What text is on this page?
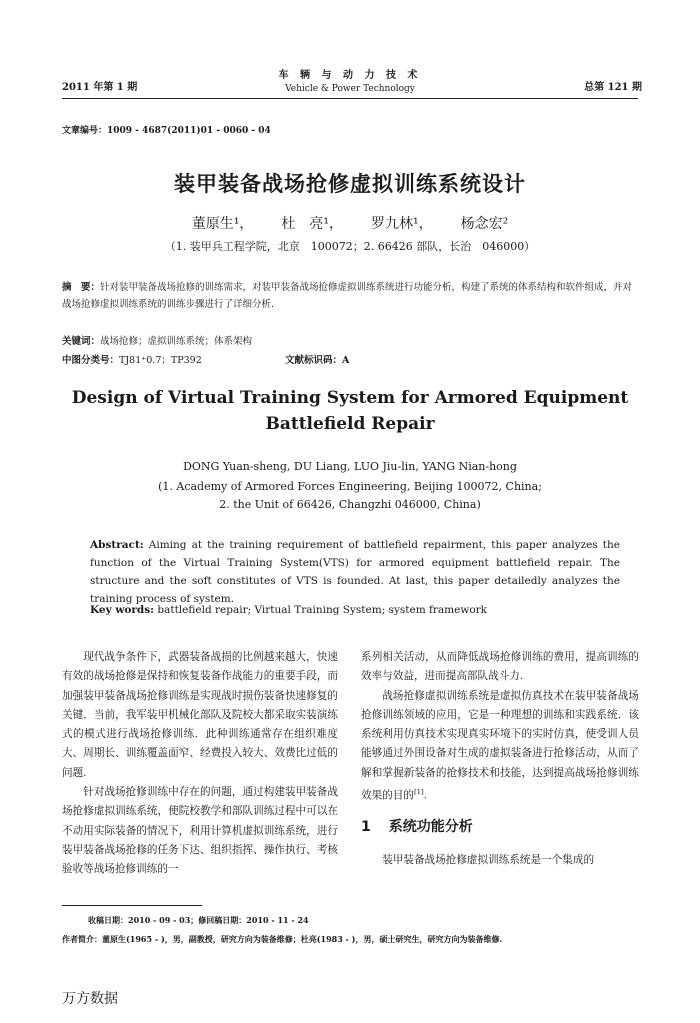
2011 年第 1 期
车 辆 与 动 力 技 术
Vehicle & Power Technology	总第 121 期
文章编号：1009 - 4687(2011)01 - 0060 - 04
装甲装备战场抢修虚拟训练系统设计
董原生¹， 杜　亮¹， 罗九林¹， 杨念宏²
（1. 装甲兵工程学院，北京　100072；2. 66426 部队，长治　046000）
摘　要：针对装甲装备战场抢修的训练需求，对装甲装备战场抢修虚拟训练系统进行功能分析，构建了系统的体系结构和软件组成，并对战场抢修虚拟训练系统的训练步骤进行了详细分析.
关键词：战场抢修；虚拟训练系统；体系架构
中图分类号：TJ81⁺0.7；TP392	文献标识码：A
Design of Virtual Training System for Armored Equipment
Battlefield Repair
DONG Yuan-sheng, DU Liang, LUO Jiu-lin, YANG Nian-hong
(1. Academy of Armored Forces Engineering, Beijing 100072, China;
2. the Unit of 66426, Changzhi 046000, China)
Abstract: Aiming at the training requirement of battlefield repairment, this paper analyzes the function of the Virtual Training System(VTS) for armored equipment battlefield repair. The structure and the soft constitutes of VTS is founded. At last, this paper detailedly analyzes the training process of system.
Key words: battlefield repair; Virtual Training System; system framework

现代战争条件下，武器装备战损的比例越来越大，快速有效的战场抢修是保持和恢复装备作战能力的重要手段，而加强装甲装备战场抢修训练是实现战时损伤装备快速修复的关键．当前，我军装甲机械化部队及院校大都采取实装演练式的模式进行战场抢修训练．此种训练通常存在组织难度大、周期长、训练覆盖面窄、经费投入较大、效费比过低的问题.

针对战场抢修训练中存在的问题，通过构建装甲装备战场抢修虚拟训练系统，使院校教学和部队训练过程中可以在不动用实际装备的情况下，利用计算机虚拟训练系统，进行装甲装备战场抢修的任务下达、组织指挥、操作执行、考核验收等战场抢修训练的一

系列相关活动，从而降低战场抢修训练的费用，提高训练的效率与效益，进而提高部队战斗力.

战场抢修虚拟训练系统是虚拟仿真技术在装甲装备战场抢修训练领域的应用，它是一种理想的训练和实践系统．该系统利用仿真技术实现真实环境下的实时仿真，使受训人员能够通过外围设备对生成的虚拟装备进行抢修活动，从而了解和掌握新装备的抢修技术和技能，达到提高战场抢修训练效果的目的[1].

1 系统功能分析

装甲装备战场抢修虚拟训练系统是一个集成的

收稿日期：2010 - 09 - 03；修回稿日期：2010 - 11 - 24
作者简介：董原生(1965 - )，男，副教授，研究方向为装备维修；杜亮(1983 - )，男，硕士研究生，研究方向为装备维修.
万方数据
